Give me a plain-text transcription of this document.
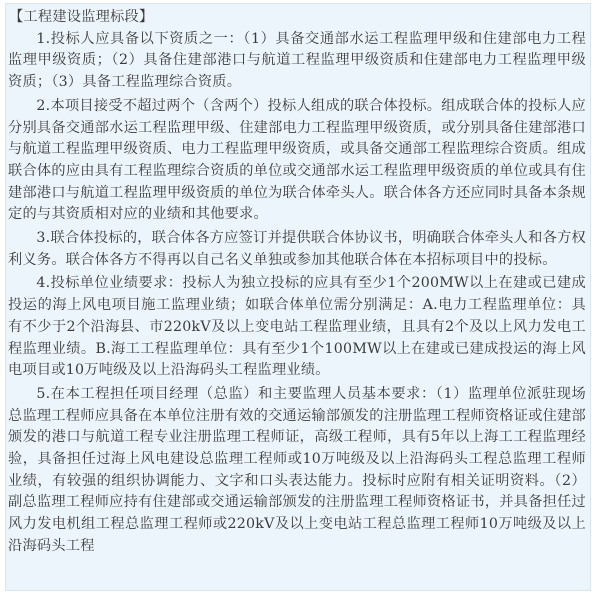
【工程建设监理标段】

1.投标人应具备以下资质之一：（1）具备交通部水运工程监理甲级和住建部电力工程监理甲级资质；（2）具备住建部港口与航道工程监理甲级资质和住建部电力工程监理甲级资质；（3）具备工程监理综合资质。

2.本项目接受不超过两个（含两个）投标人组成的联合体投标。组成联合体的投标人应分别具备交通部水运工程监理甲级、住建部电力工程监理甲级资质，或分别具备住建部港口与航道工程监理甲级资质、电力工程监理甲级资质，或具备交通部工程监理综合资质。组成联合体的应由具有工程监理综合资质的单位或交通部水运工程监理甲级资质的单位或具有住建部港口与航道工程监理甲级资质的单位为联合体牵头人。联合体各方还应同时具备本条规定的与其资质相对应的业绩和其他要求。

3.联合体投标的，联合体各方应签订并提供联合体协议书，明确联合体牵头人和各方权利义务。联合体各方不得再以自己名义单独或参加其他联合体在本招标项目中的投标。

4.投标单位业绩要求：投标人为独立投标的应具有至少1个200MW以上在建或已建成投运的海上风电项目施工监理业绩；如联合体单位需分别满足：A.电力工程监理单位：具有不少于2个沿海县、市220kV及以上变电站工程监理业绩，且具有2个及以上风力发电工程监理业绩。B.海工工程监理单位：具有至少1个100MW以上在建或已建成投运的海上风电项目或10万吨级及以上沿海码头工程监理业绩。

5.在本工程担任项目经理（总监）和主要监理人员基本要求：（1）监理单位派驻现场总监理工程师应具备在本单位注册有效的交通运输部颁发的注册监理工程师资格证或住建部颁发的港口与航道工程专业注册监理工程师证，高级工程师，具有5年以上海工工程监理经验，具备担任过海上风电建设总监理工程师或10万吨级及以上沿海码头工程总监理工程师业绩，有较强的组织协调能力、文字和口头表达能力。投标时应附有相关证明资料。（2）副总监理工程师应持有住建部或交通运输部颁发的注册监理工程师资格证书，并具备担任过风力发电机组工程总监理工程师或220kV及以上变电站工程总监理工程师10万吨级及以上沿海码头工程
